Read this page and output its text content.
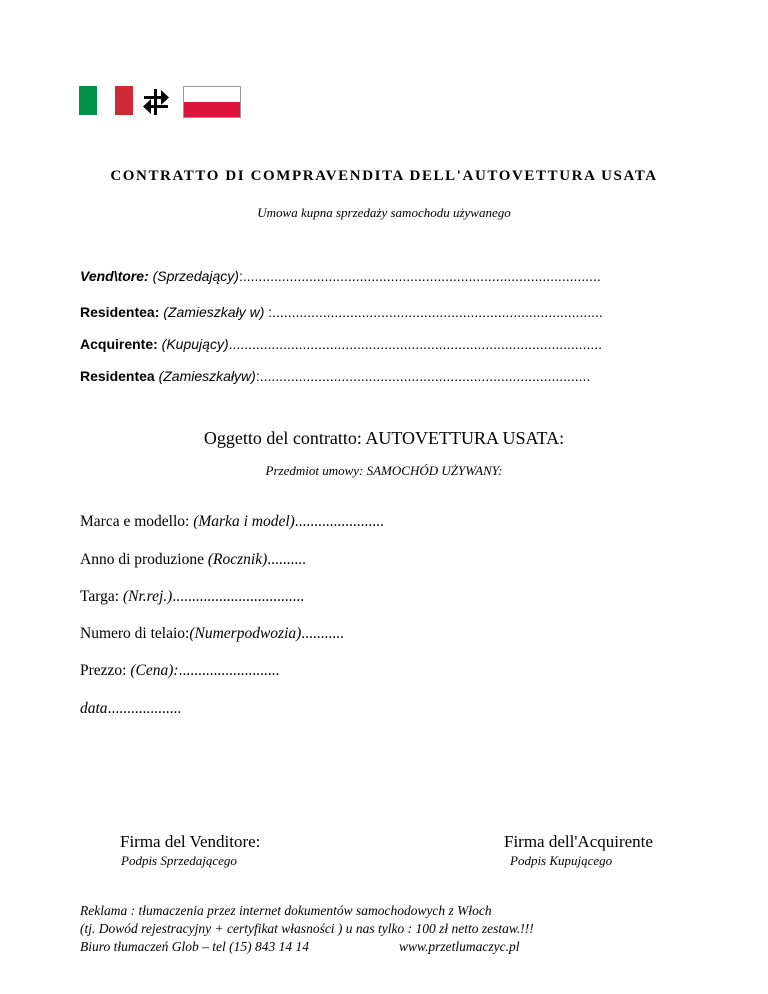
CONTRATTO DI COMPRAVENDITA DELL'AUTOVETTURA USATA
Umowa kupna sprzedaży samochodu używanego
Vend\tore: (Sprzedający):............................................................................................
Residentea: (Zamieszkały w) :.....................................................................................
Acquirente: (Kupujący)................................................................................................
Residentea (Zamieszkaływ):.....................................................................................
Oggetto del contratto: AUTOVETTURA USATA:
Przedmiot umowy: SAMOCHÓD UŻYWANY:
Marca e modello: (Marka i model).......................
Anno di produzione (Rocznik)..........
Targa: (Nr.rej.)..................................
Numero di telaio:(Numerpodwozia)...........
Prezzo: (Cena):..........................
data...................
Firma del Venditore:
Podpis Sprzedającego
Firma dell'Acquirente
Podpis Kupującego
Reklama : tłumaczenia przez internet dokumentów samochodowych z Włoch
(tj. Dowód rejestracyjny + certyfikat własności ) u nas tylko : 100 zł netto zestaw.!!!
Biuro tłumaczeń Glob – tel (15) 843 14 14	www.przetlumaczyc.pl
